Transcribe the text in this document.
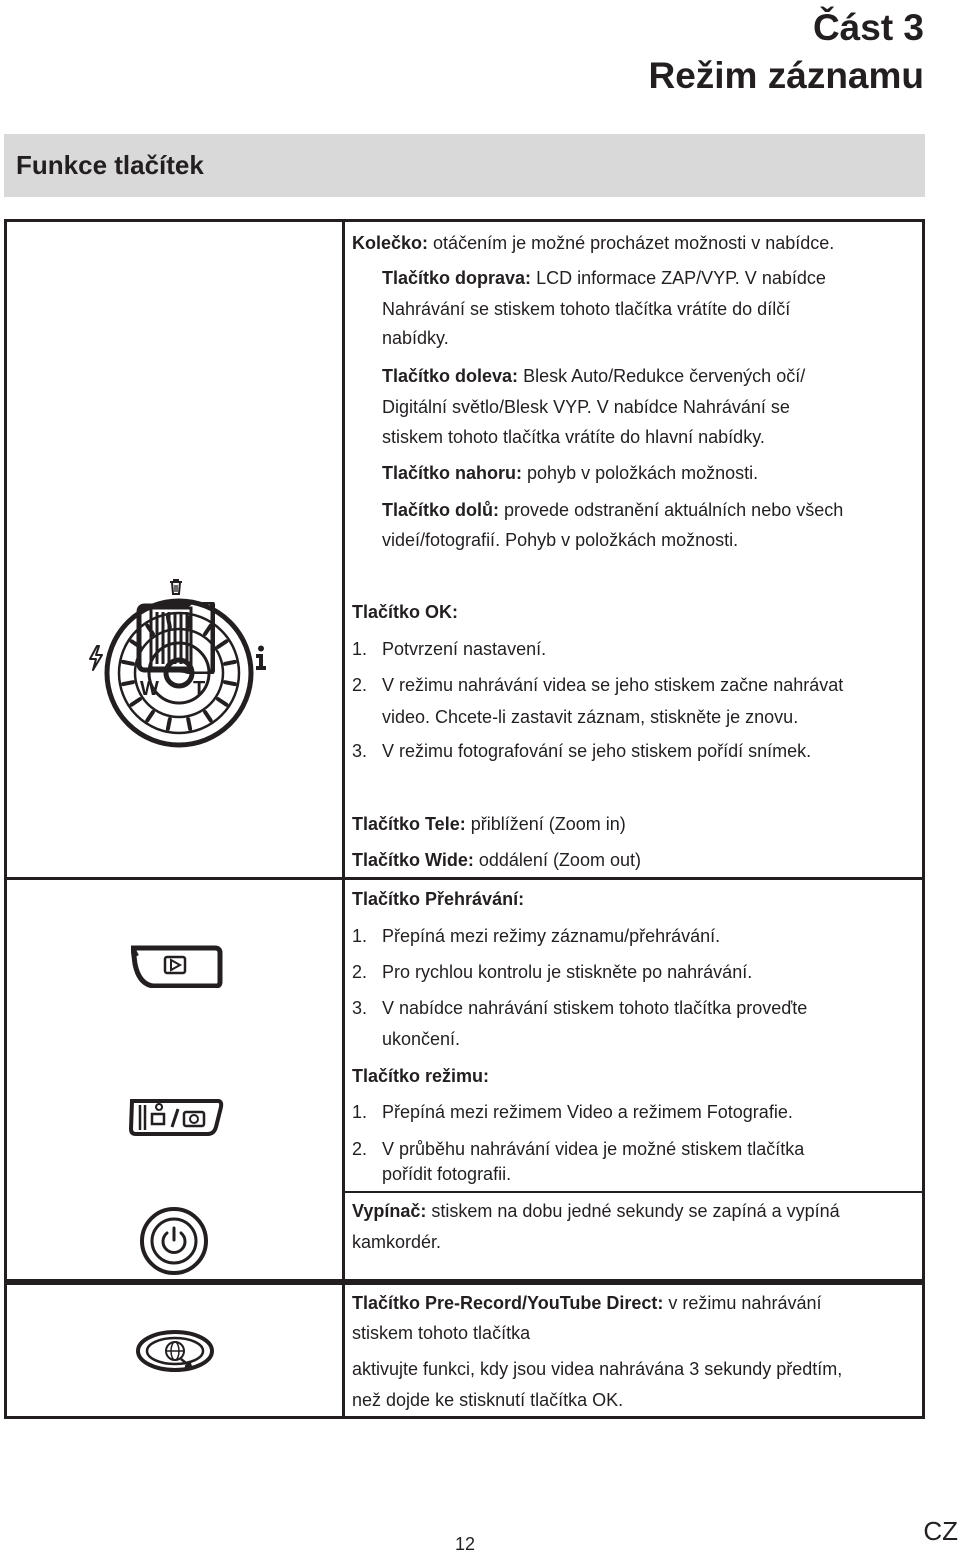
Část 3
Režim záznamu
Funkce tlačítek
W T
Kolečko: otáčením je možné procházet možnosti v nabídce.
Tlačítko doprava: LCD informace ZAP/VYP. V nabídce
Nahrávání se stiskem tohoto tlačítka vrátíte do dílčí
nabídky.
Tlačítko doleva: Blesk Auto/Redukce červených očí/
Digitální světlo/Blesk VYP. V nabídce Nahrávání se
stiskem tohoto tlačítka vrátíte do hlavní nabídky.
Tlačítko nahoru: pohyb v položkách možnosti.
Tlačítko dolů: provede odstranění aktuálních nebo všech
videí/fotografií. Pohyb v položkách možnosti.
Tlačítko OK:
1. Potvrzení nastavení.
2. V režimu nahrávání videa se jeho stiskem začne nahrávat
video. Chcete-li zastavit záznam, stiskněte je znovu.
3. V režimu fotografování se jeho stiskem pořídí snímek.
Tlačítko Tele: přiblížení (Zoom in)
Tlačítko Wide: oddálení (Zoom out)
Tlačítko Přehrávání:
1. Přepíná mezi režimy záznamu/přehrávání.
2. Pro rychlou kontrolu je stiskněte po nahrávání.
3. V nabídce nahrávání stiskem tohoto tlačítka proveďte
ukončení.
Tlačítko režimu:
1. Přepíná mezi režimem Video a režimem Fotografie.
2. V průběhu nahrávání videa je možné stiskem tlačítka
pořídit fotografii.
Vypínač: stiskem na dobu jedné sekundy se zapíná a vypíná
kamkordér.
Tlačítko Pre-Record/YouTube Direct: v režimu nahrávání
stiskem tohoto tlačítka
aktivujte funkci, kdy jsou videa nahrávána 3 sekundy předtím,
než dojde ke stisknutí tlačítka OK.
12	CZ
